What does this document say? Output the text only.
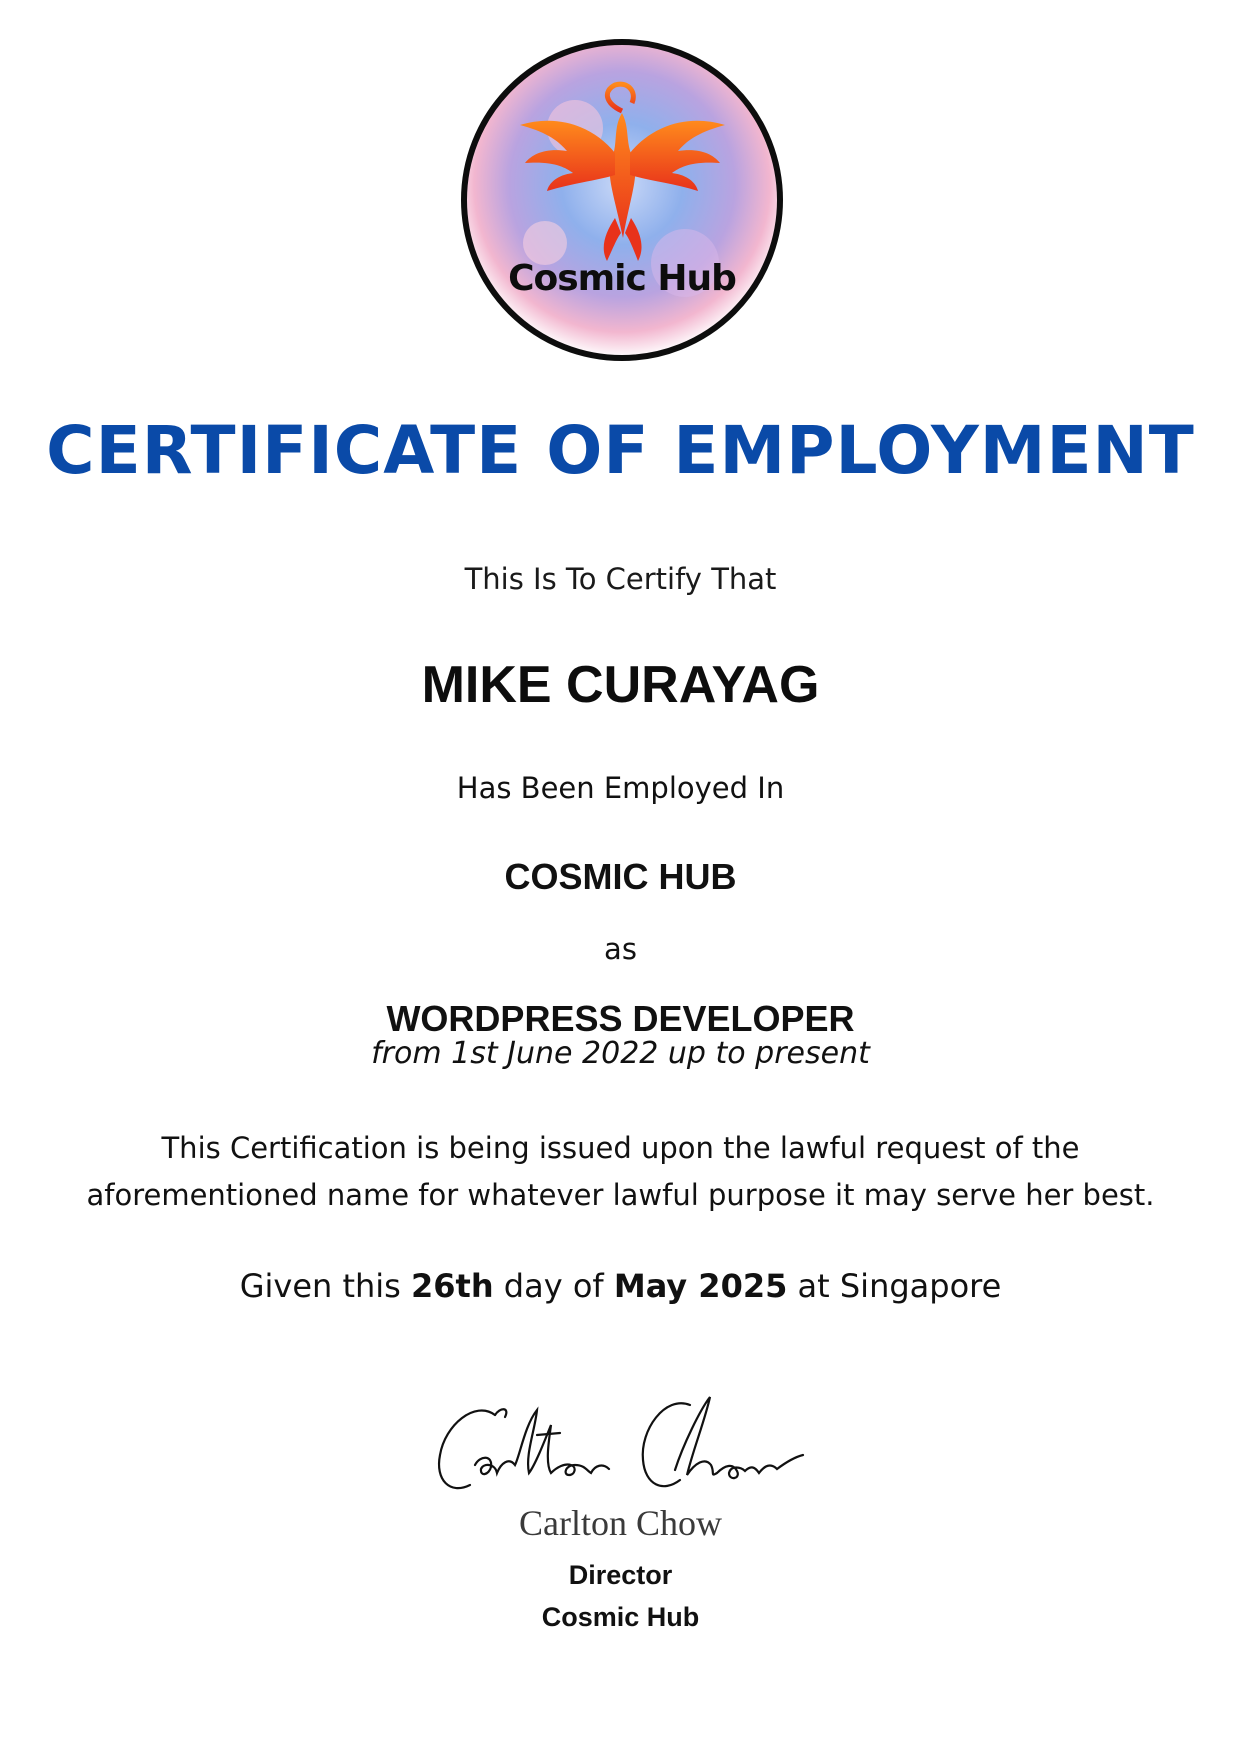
Cosmic Hub
CERTIFICATE OF EMPLOYMENT
This Is To Certify That
MIKE CURAYAG
Has Been Employed In
COSMIC HUB
as
WORDPRESS DEVELOPER
from 1st June 2022 up to present
This Certification is being issued upon the lawful request of the
aforementioned name for whatever lawful purpose it may serve her best.
Given this 26th day of May 2025 at Singapore
Carlton Chow
Director
Cosmic Hub
